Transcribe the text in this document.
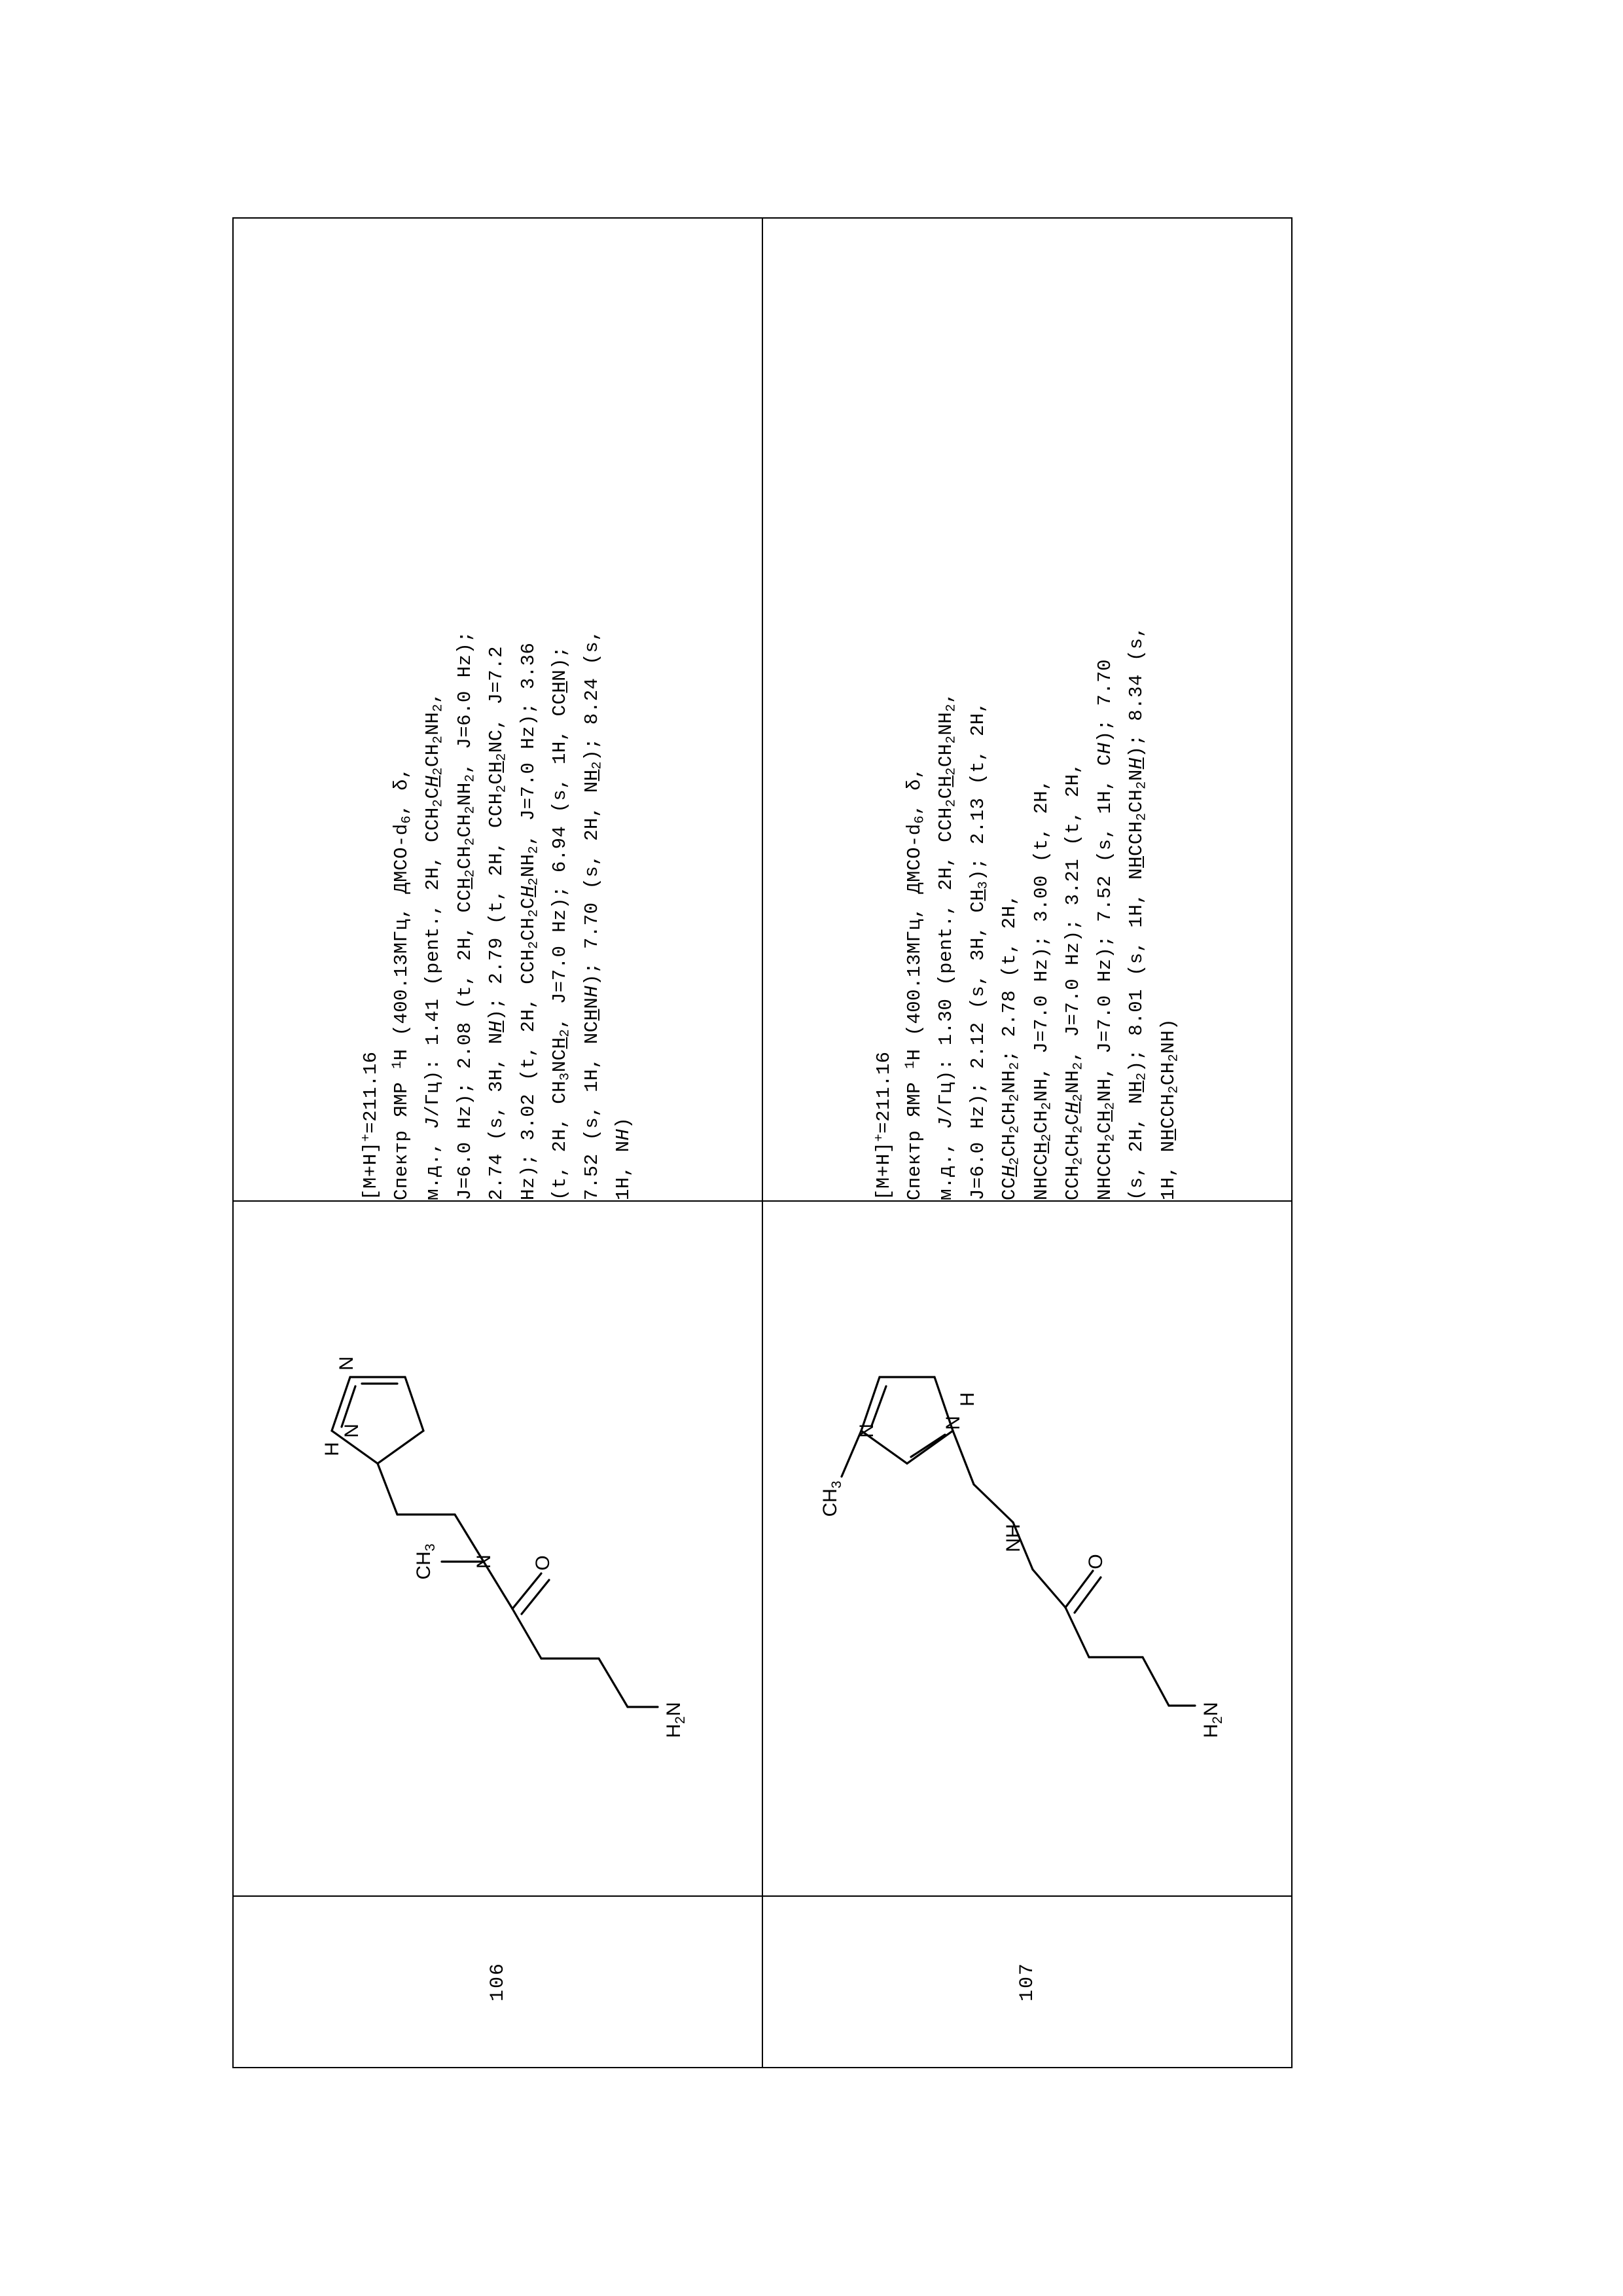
106	
H
N
N
N
$CH_3$
O
$H_2N$

[M+H]+=211.16 Спектр ЯМР $^1$H (400.13МГц, ДМСО-$d_6$, δ,
м.д., J/Гц): 1.41 (pent., 2H, $CCH_2CH_2CH_2NH_2$,
J=6.0 Hz); 2.08 (t, 2H, $CCH_2CH_2CH_2NH_2$, J=6.0 Hz);
2.74 (s, 3H, NH); 2.79 (t, 2H, $CCH_2CH_2NC$, J=7.2
Hz); 3.02 (t, 2H, $CCH_2CH_2CH_2NH_2$, J=7.0 Hz); 3.36
(t, 2H, $CH_3NCH_2$, J=7.0 Hz); 6.94 (s, 1H, CCHN);
7.52 (s, 1H, NCHNH); 7.70 (s, 2H, $NH_2$); 8.24 (s,
1H, NH)

107	
$CH_3$
N
N
H
NH
O
$H_2N$

[M+H]+=211.16 Спектр ЯМР $^1$H (400.13МГц, ДМСО-$d_6$, δ,
м.д., J/Гц): 1.30 (pent., 2H, $CCH_2CH_2CH_2NH_2$,
J=6.0 Hz); 2.12 (s, 3H, $CH_3$); 2.13 (t, 2H,
$CCH_2CH_2CH_2NH_2$; 2.78 (t, 2H,
$NHCCH_2CH_2NH$, J=7.0 Hz); 3.00 (t, 2H,
$CCH_2CH_2CH_2NH_2$, J=7.0 Hz); 3.21 (t, 2H,
$NHCCH_2CH_2NH$, J=7.0 Hz); 7.52 (s, 1H, CH); 7.70
(s, 2H, $NH_2$); 8.01 (s, 1H, $NHCCH_2CH_2NH$); 8.34 (s,
1H, $NHCCH_2CH_2NH$)
